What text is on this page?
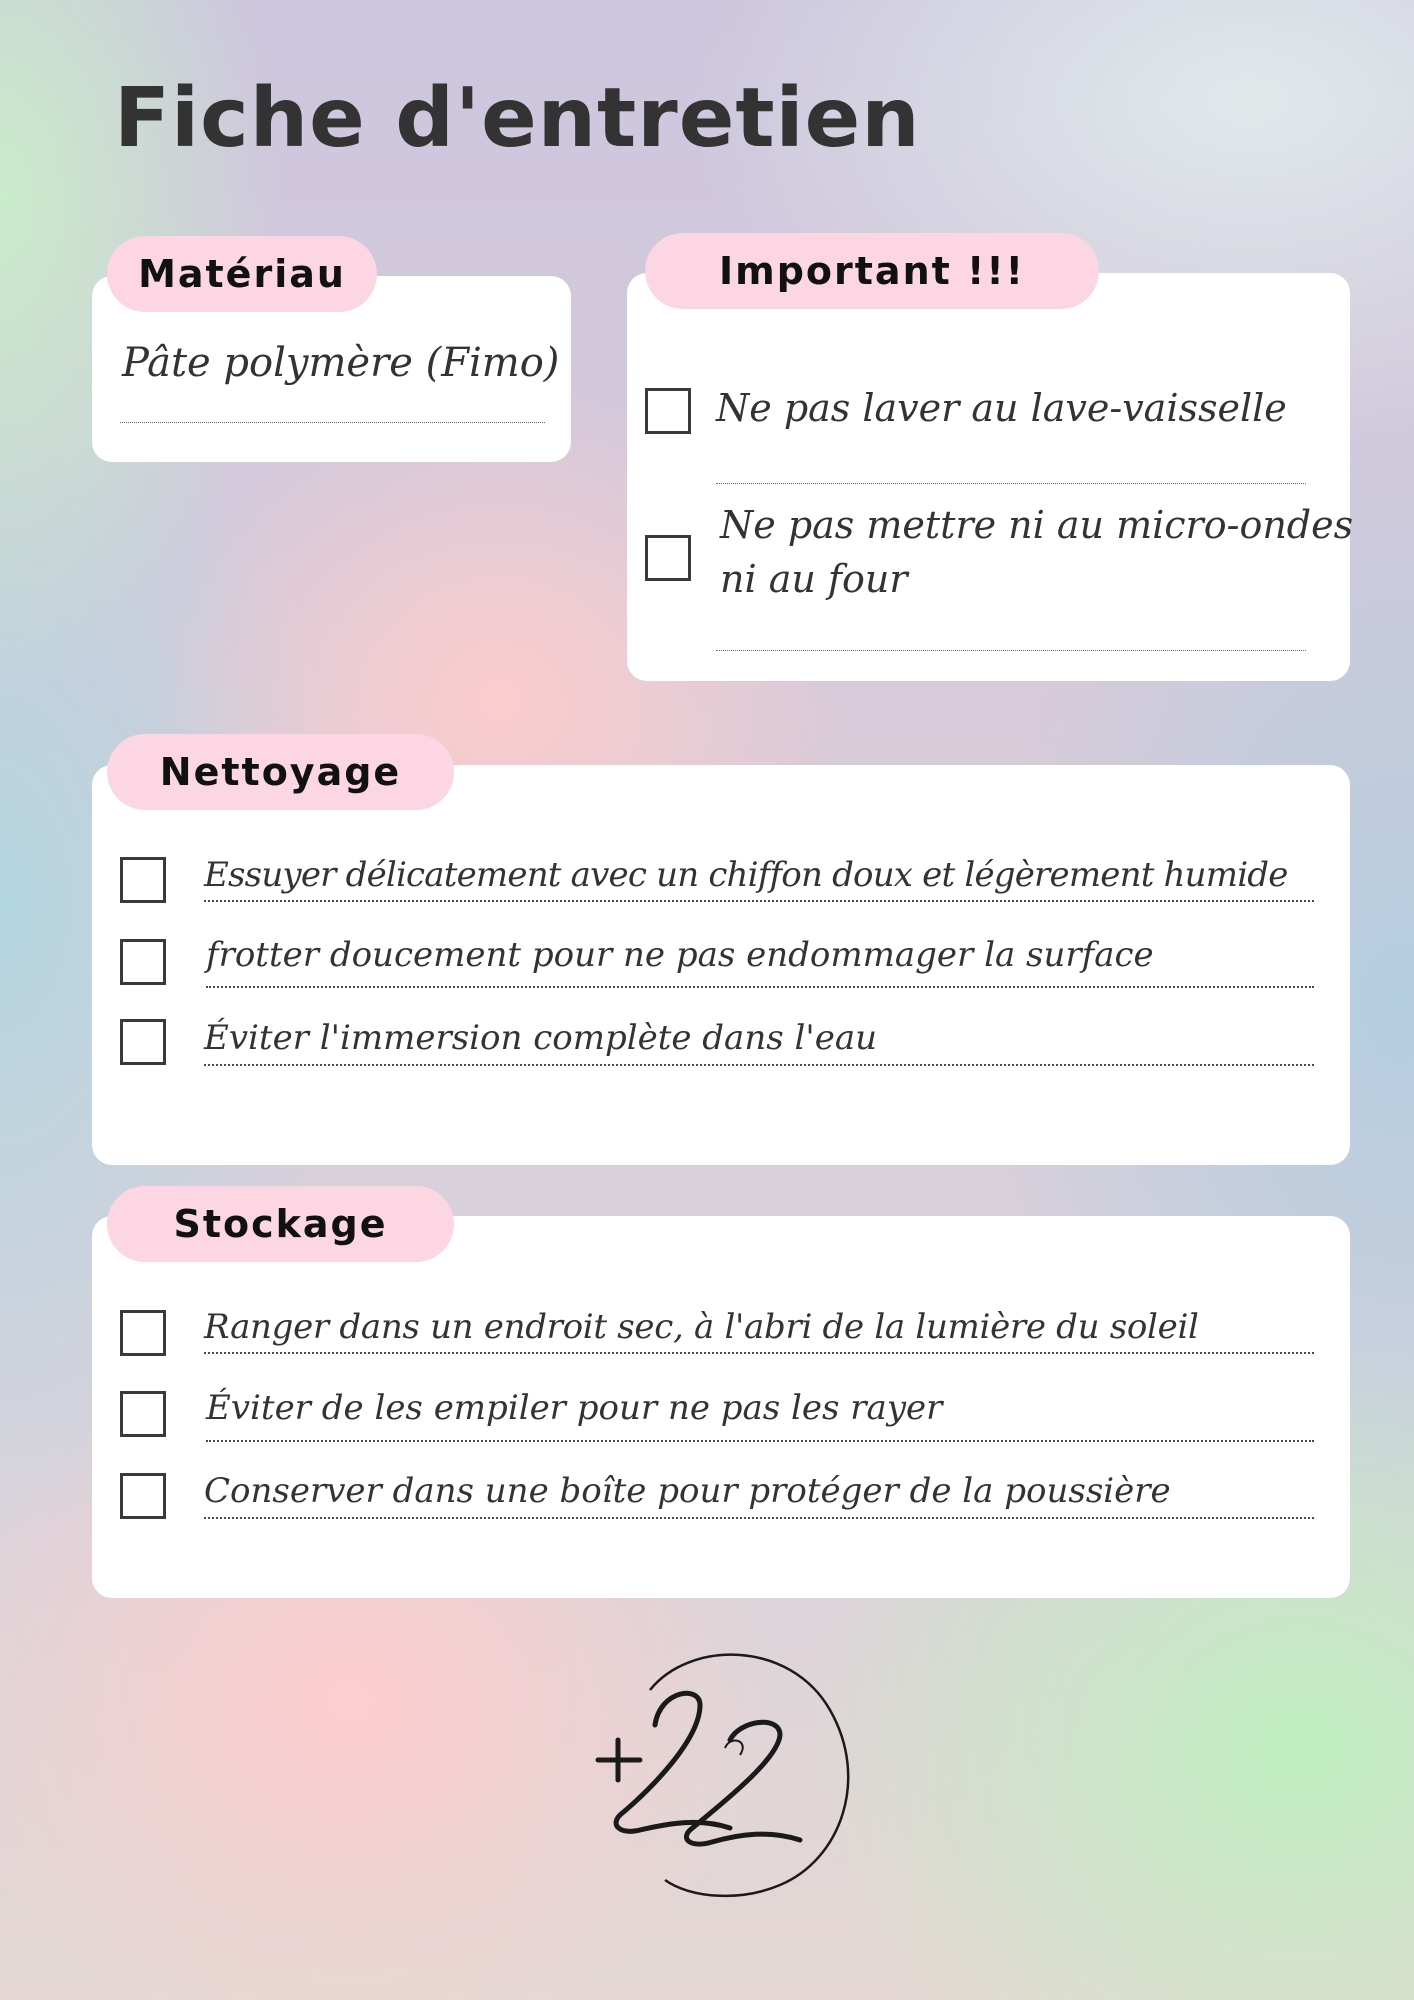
Fiche d'entretien
Matériau
Pâte polymère (Fimo)
Important !!!
Ne pas laver au lave-vaisselle
Ne pas mettre ni au micro-ondes
ni au four
Nettoyage
Essuyer délicatement avec un chiffon doux et légèrement humide
frotter doucement pour ne pas endommager la surface
Éviter l'immersion complète dans l'eau
Stockage
Ranger dans un endroit sec, à l'abri de la lumière du soleil
Éviter de les empiler pour ne pas les rayer
Conserver dans une boîte pour protéger de la poussière
